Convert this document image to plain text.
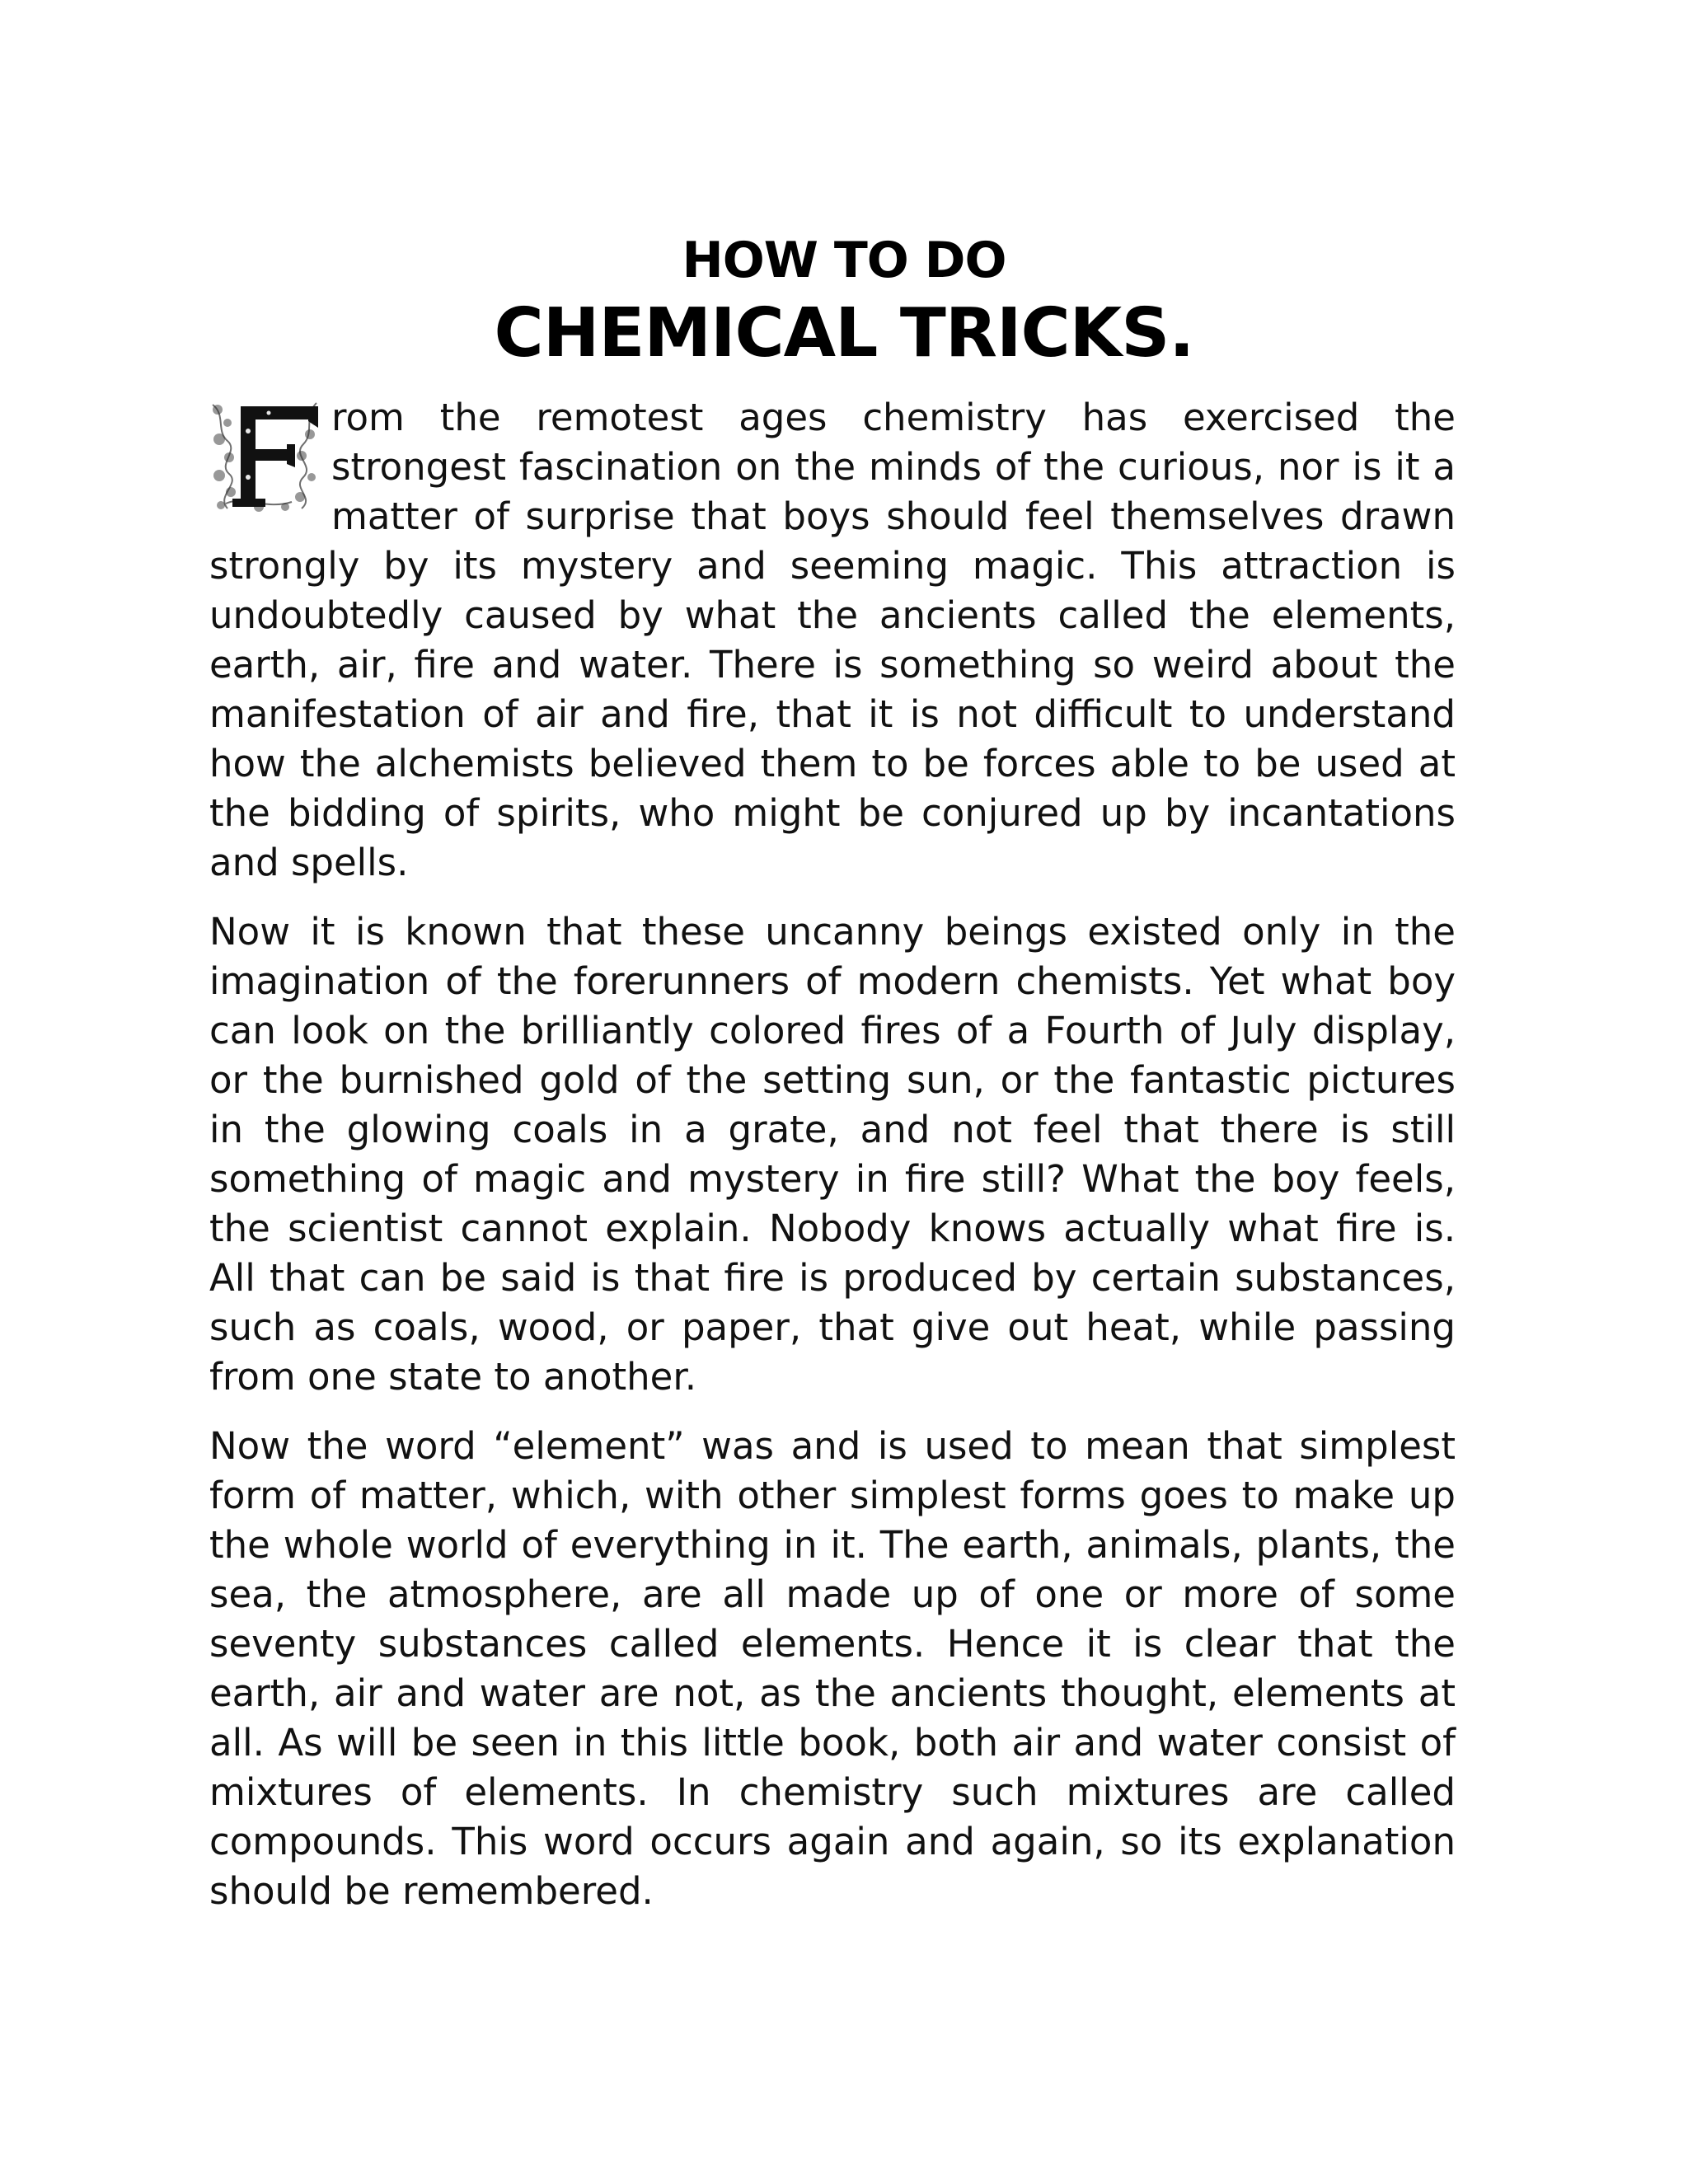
HOW TO DO
CHEMICAL TRICKS.

rom the remotest ages chemistry has exercised the strongest fascination on the minds of the curious, nor is it a matter of surprise that boys should feel themselves drawn strongly by its mystery and seeming magic. This attraction is undoubtedly caused by what the ancients called the elements, earth, air, fire and water. There is something so weird about the manifestation of air and fire, that it is not difficult to understand how the alchemists believed them to be forces able to be used at the bidding of spirits, who might be conjured up by incantations and spells.

Now it is known that these uncanny beings existed only in the imagination of the forerunners of modern chemists. Yet what boy can look on the brilliantly colored fires of a Fourth of July display, or the burnished gold of the setting sun, or the fantastic pictures in the glowing coals in a grate, and not feel that there is still something of magic and mystery in fire still? What the boy feels, the scientist cannot explain. Nobody knows actually what fire is. All that can be said is that fire is produced by certain substances, such as coals, wood, or paper, that give out heat, while passing from one state to another.

Now the word “element” was and is used to mean that simplest form of matter, which, with other simplest forms goes to make up the whole world of everything in it. The earth, animals, plants, the sea, the atmosphere, are all made up of one or more of some seventy substances called elements. Hence it is clear that the earth, air and water are not, as the ancients thought, elements at all. As will be seen in this little book, both air and water consist of mixtures of elements. In chemistry such mixtures are called compounds. This word occurs again and again, so its explanation should be remembered.
